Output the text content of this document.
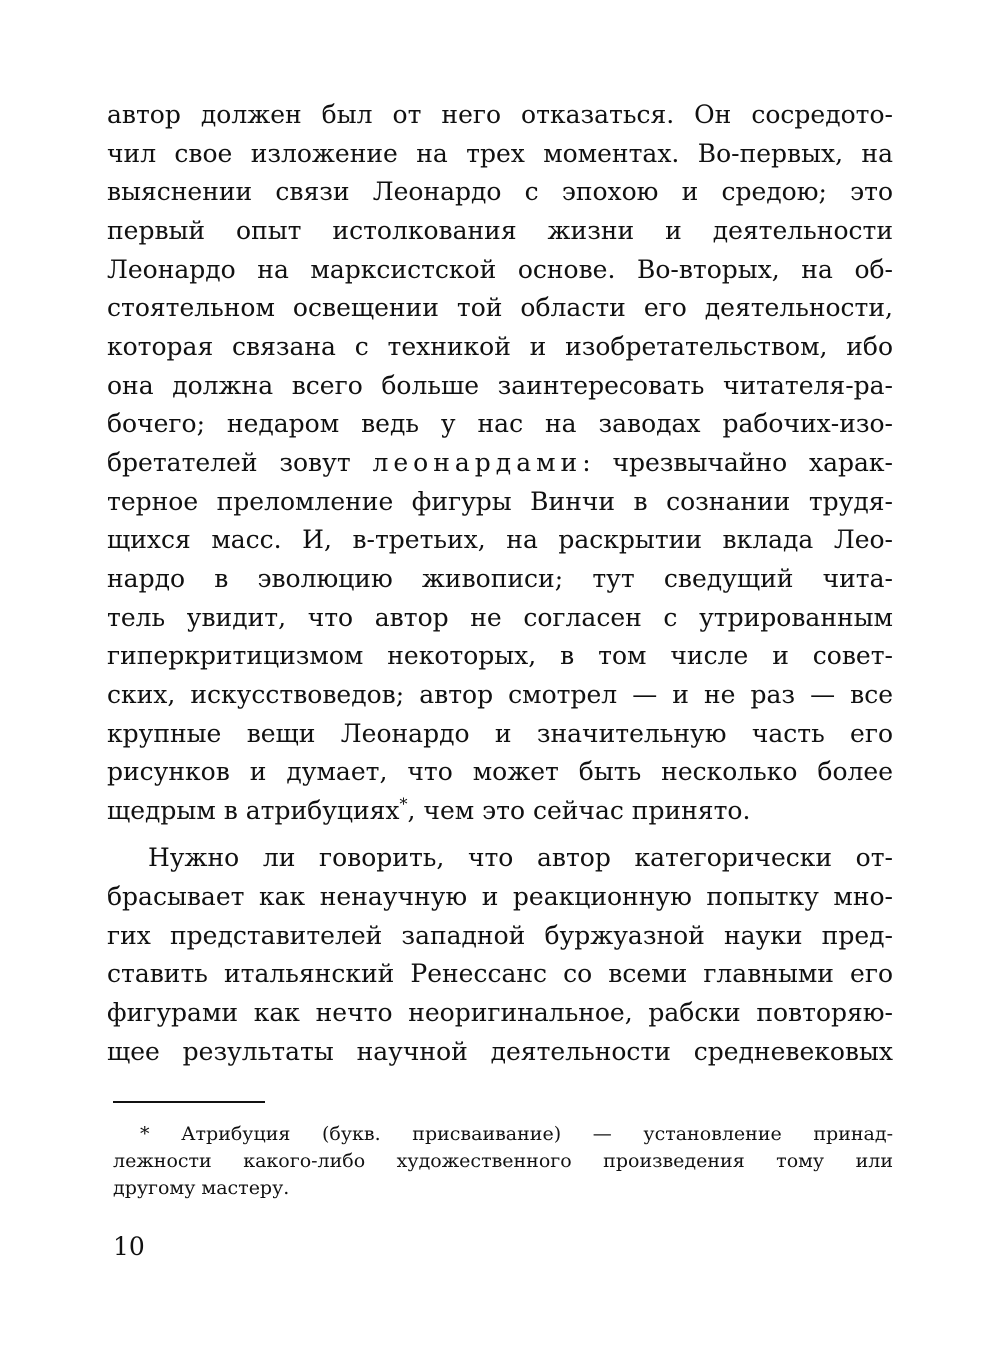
автор должен был от него отказаться. Он сосредото-
чил свое изложение на трех моментах. Во-первых, на
выяснении связи Леонардо с эпохою и средою; это
первый опыт истолкования жизни и деятельности
Леонардо на марксистской основе. Во-вторых, на об-
стоятельном освещении той области его деятельности,
которая связана с техникой и изобретательством, ибо
она должна всего больше заинтересовать читателя-ра-
бочего; недаром ведь у нас на заводах рабочих-изо-
бретателей зовут леонардами: чрезвычайно харак-
терное преломление фигуры Винчи в сознании трудя-
щихся масс. И, в-третьих, на раскрытии вклада Лео-
нардо в эволюцию живописи; тут сведущий чита-
тель увидит, что автор не согласен с утрированным
гиперкритицизмом некоторых, в том числе и совет-
ских, искусствоведов; автор смотрел — и не раз — все
крупные вещи Леонардо и значительную часть его
рисунков и думает, что может быть несколько более
щедрым в атрибуциях*, чем это сейчас принято.
Нужно ли говорить, что автор категорически от-
брасывает как ненаучную и реакционную попытку мно-
гих представителей западной буржуазной науки пред-
ставить итальянский Ренессанс со всеми главными его
фигурами как нечто неоригинальное, рабски повторяю-
щее результаты научной деятельности средневековых
* Атрибуция (букв. присваивание) — установление принад-
лежности какого-либо художественного произведения тому или
другому мастеру.
10
